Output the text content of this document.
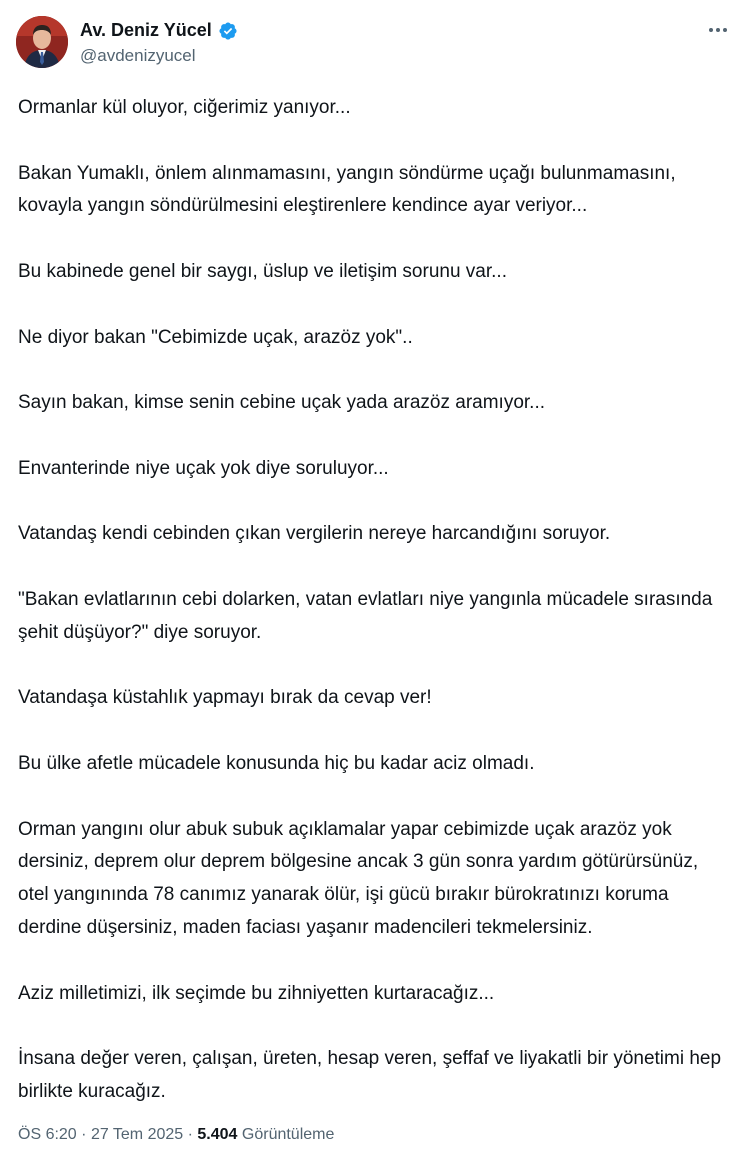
Av. Deniz Yücel
@avdenizyucel

Ormanlar kül oluyor, ciğerimiz yanıyor...

Bakan Yumaklı, önlem alınmamasını, yangın söndürme uçağı bulunmamasını, kovayla yangın söndürülmesini eleştirenlere kendince ayar veriyor...

Bu kabinede genel bir saygı, üslup ve iletişim sorunu var...

Ne diyor bakan "Cebimizde uçak, arazöz yok"..

Sayın bakan, kimse senin cebine uçak yada arazöz aramıyor...

Envanterinde niye uçak yok diye soruluyor...

Vatandaş kendi cebinden çıkan vergilerin nereye harcandığını soruyor.

"Bakan evlatlarının cebi dolarken, vatan evlatları niye yangınla mücadele sırasında şehit düşüyor?" diye soruyor.

Vatandaşa küstahlık yapmayı bırak da cevap ver!

Bu ülke afetle mücadele konusunda hiç bu kadar aciz olmadı.

Orman yangını olur abuk subuk açıklamalar yapar cebimizde uçak arazöz yok dersiniz, deprem olur deprem bölgesine ancak 3 gün sonra yardım götürürsünüz, otel yangınında 78 canımız yanarak ölür, işi gücü bırakır bürokratınızı koruma derdine düşersiniz, maden faciası yaşanır madencileri tekmelersiniz.

Aziz milletimizi, ilk seçimde bu zihniyetten kurtaracağız...

İnsana değer veren, çalışan, üreten, hesap veren, şeffaf ve liyakatli bir yönetimi hep birlikte kuracağız.

ÖS 6:20 · 27 Tem 2025 · 5.404 Görüntüleme
